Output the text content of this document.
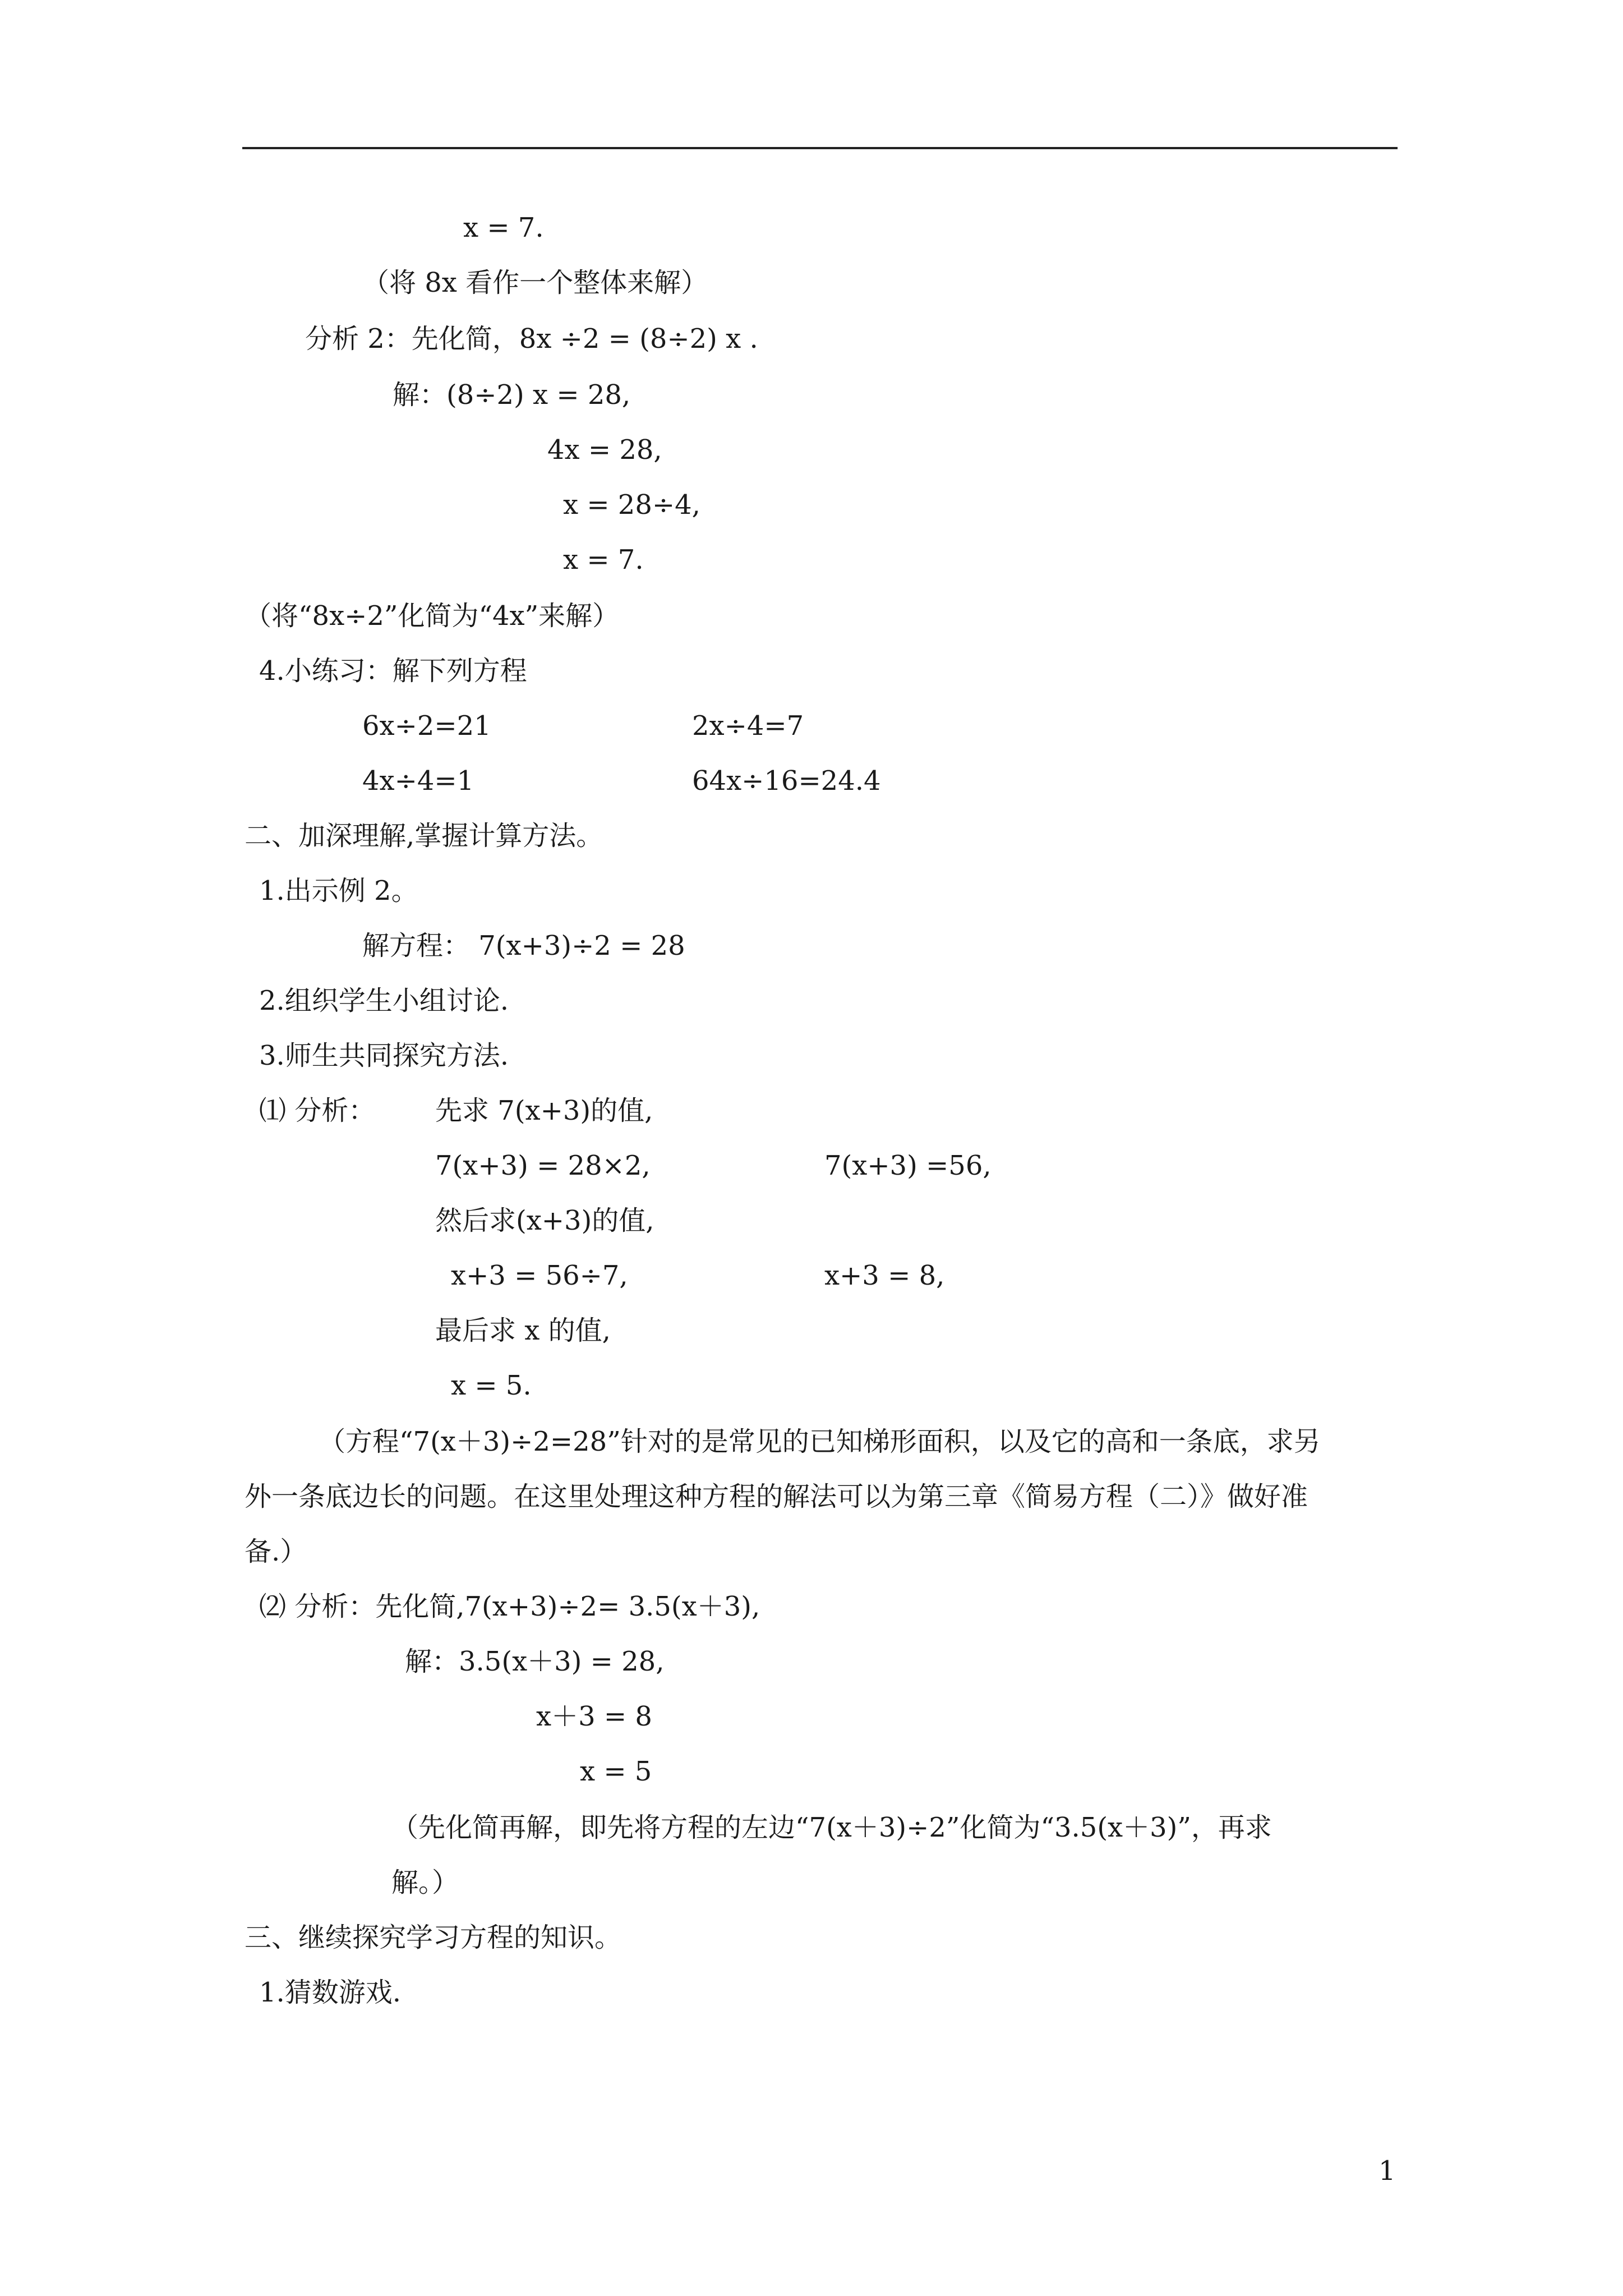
x = 7.
（将 8x 看作一个整体来解）
分析 2：先化简，8x ÷2 = (8÷2) x .
解：(8÷2) x = 28,
4x = 28,
x = 28÷4,
x = 7.
（将“8x÷2”化简为“4x”来解）
4.小练习：解下列方程
6x÷2=21	2x÷4=7
4x÷4=1	64x÷16=24.4
二、加深理解,掌握计算方法。
1.出示例 2。
解方程： 7(x+3)÷2 = 28
2.组织学生小组讨论.
3.师生共同探究方法.
⑴ 分析： 先求 7(x+3)的值,
7(x+3) = 28×2,	7(x+3) =56,
然后求(x+3)的值,
x+3 = 56÷7,	x+3 = 8,
最后求 x 的值,
x = 5.
（方程“7(x＋3)÷2=28”针对的是常见的已知梯形面积，以及它的高和一条底，求另
外一条底边长的问题。在这里处理这种方程的解法可以为第三章《简易方程（二）》做好准
备.）
⑵ 分析：先化简,7(x+3)÷2= 3.5(x＋3),
解：3.5(x＋3) = 28,
x＋3 = 8
x = 5
（先化简再解，即先将方程的左边“7(x＋3)÷2”化简为“3.5(x＋3)”，再求
解。）
三、继续探究学习方程的知识。
1.猜数游戏.
1
